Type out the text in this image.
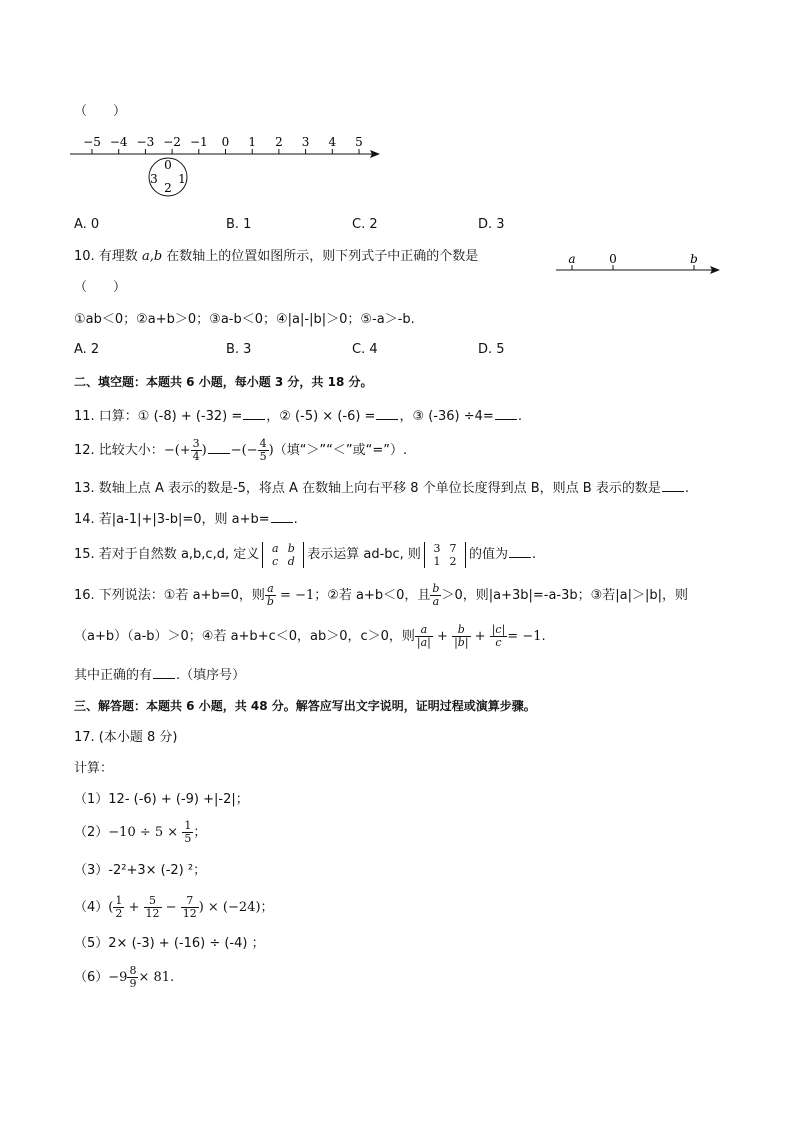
（　　）
−5 −4 −3 −2 −1 0 1 2 3 4 5
0
3 1
2
A. 0	B. 1	C. 2	D. 3
10. 有理数 a,b 在数轴上的位置如图所示，则下列式子中正确的个数是	a	0	b
（　　）
①ab＜0；②a+b＞0；③a-b＜0；④|a|-|b|＞0；⑤-a＞-b.
A. 2	B. 3	C. 4	D. 5
二、填空题：本题共 6 小题，每小题 3 分，共 18 分。
11. 口算：① (-8) + (-32) = ，② (-5) × (-6) = ，③ (-36) ÷4= .
12. 比较大小：−(+ $\frac{3}{4}$ ) −(− $\frac{4}{5}$ )（填“＞”“＜”或“=”）.
13. 数轴上点 A 表示的数是-5，将点 A 在数轴上向右平移 8 个单位长度得到点 B，则点 B 表示的数是 .
14. 若|a-1|+|3-b|=0，则 a+b= .
15. 若对于自然数 a,b,c,d, 定义 a b
c d 表示运算 ad-bc, 则 3 7
1 2 的值为 .
16. 下列说法：①若 a+b=0，则 $\frac{a}{b} = -1$；②若 a+b＜0，且 $\frac{b}{a} >0$，则|a+3b|=-a-3b；③若|a|＞|b|，则
（a+b）（a-b）＞0；④若 a+b+c＜0，ab＞0，c＞0，则 $\frac{a}{|a|} + \frac{b}{|b|} + \frac{|c|}{c} = -1$.
其中正确的有 .（填序号）
三、解答题：本题共 6 小题，共 48 分。解答应写出文字说明，证明过程或演算步骤。
17. (本小题 8 分)
计算：
（1）12- (-6) + (-9) +|-2|；
$(2)-10 \div 5 \times \frac{1}{5}$ ；
（3）-2²+3× (-2) ²；
$(4)( \frac{1}{2} + \frac{5}{12} - \frac{7}{12}$ ) × (−24)；
（5）2× (-3) + (-16) ÷ (-4) ；
$(6)-9 \frac{8}{9} \times 81$.
